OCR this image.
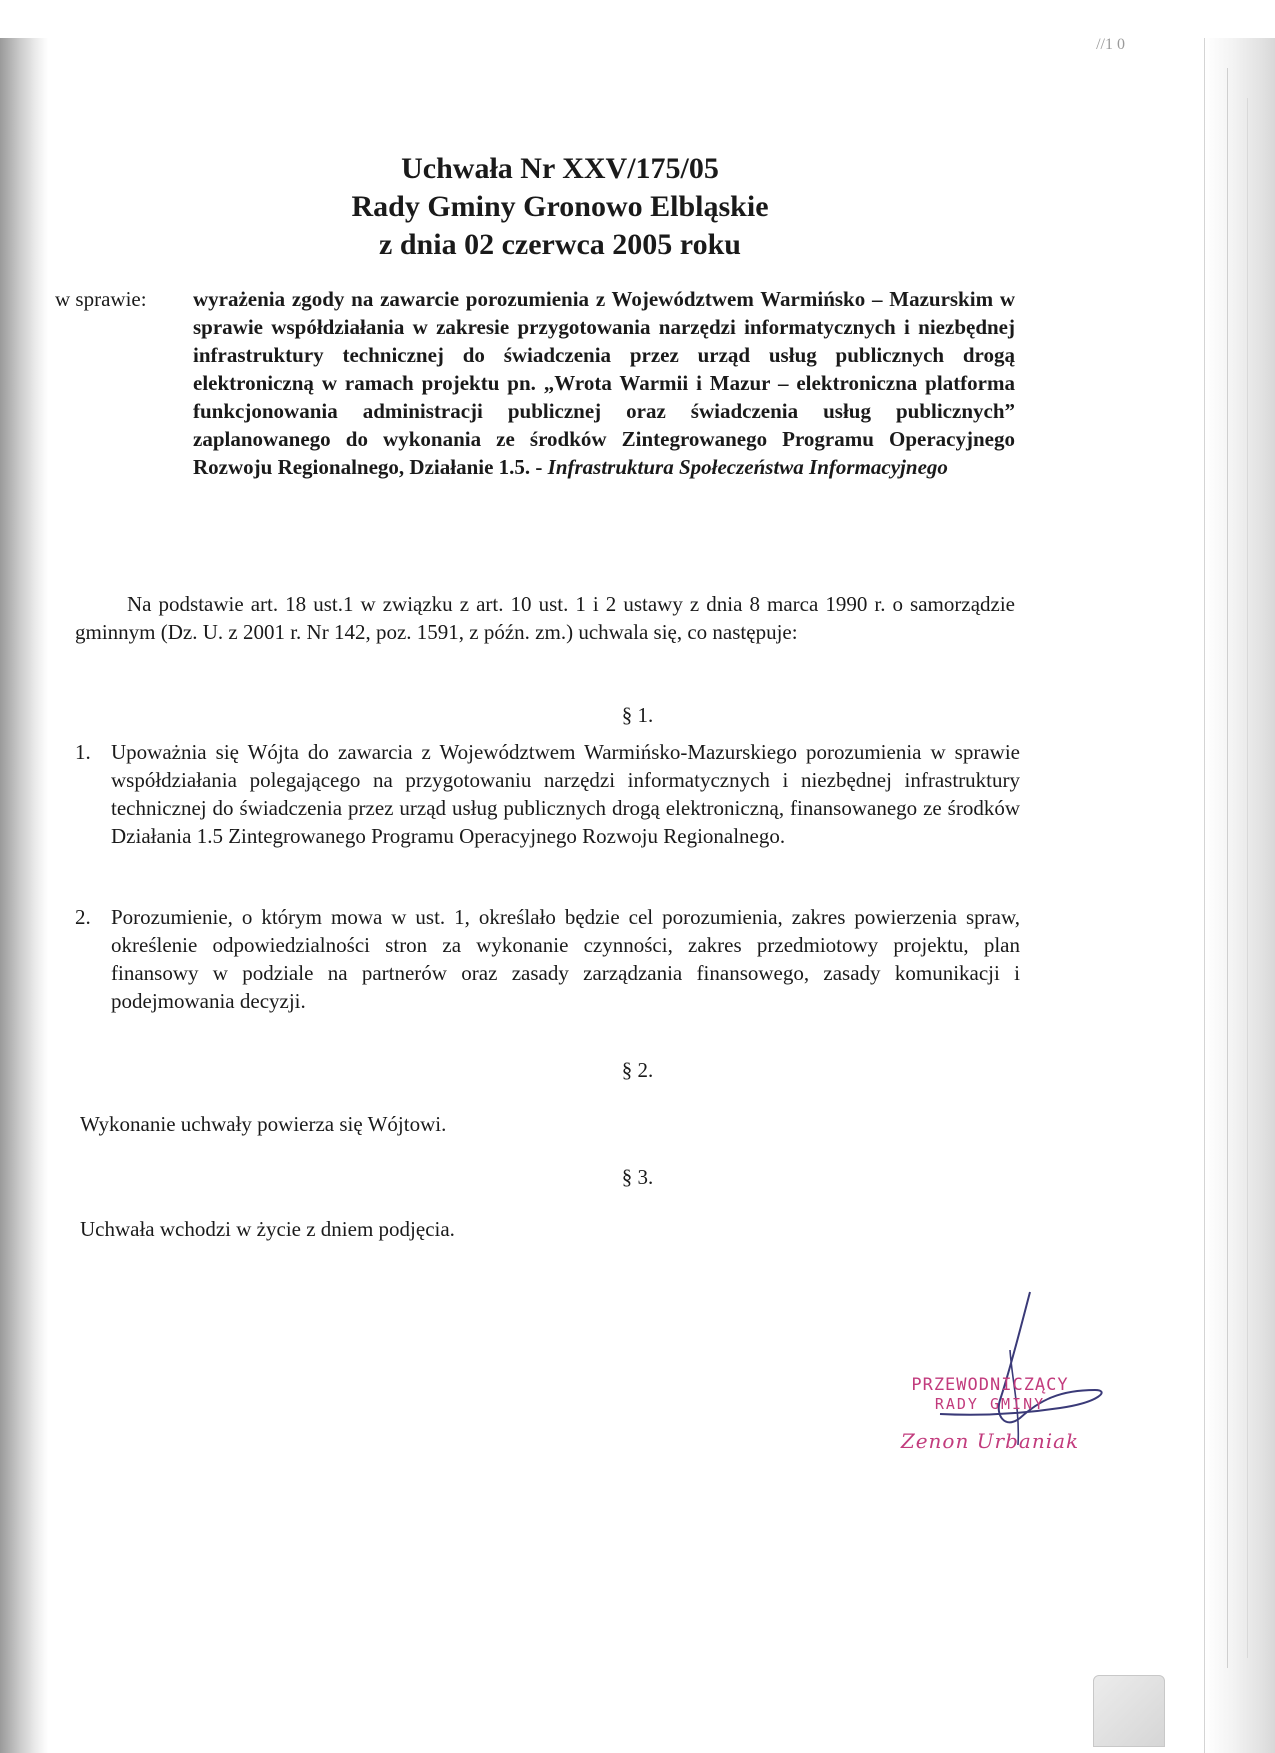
//1 0
Uchwała Nr XXV/175/05
Rady Gminy Gronowo Elbląskie
z dnia 02 czerwca 2005 roku
w sprawie:	wyrażenia zgody na zawarcie porozumienia z Województwem Warmińsko – Mazurskim w sprawie współdziałania w zakresie przygotowania narzędzi informatycznych i niezbędnej infrastruktury technicznej do świadczenia przez urząd usług publicznych drogą elektroniczną w ramach projektu pn. „Wrota Warmii i Mazur – elektroniczna platforma funkcjonowania administracji publicznej oraz świadczenia usług publicznych” zaplanowanego do wykonania ze środków Zintegrowanego Programu Operacyjnego Rozwoju Regionalnego, Działanie 1.5. - Infrastruktura Społeczeństwa Informacyjnego
Na podstawie art. 18 ust.1 w związku z art. 10 ust. 1 i 2 ustawy z dnia 8 marca 1990 r. o samorządzie gminnym (Dz. U. z 2001 r. Nr 142, poz. 1591, z późn. zm.) uchwala się, co następuje:
§ 1.
1. Upoważnia się Wójta do zawarcia z Województwem Warmińsko-Mazurskiego porozumienia w sprawie współdziałania polegającego na przygotowaniu narzędzi informatycznych i niezbędnej infrastruktury technicznej do świadczenia przez urząd usług publicznych drogą elektroniczną, finansowanego ze środków Działania 1.5 Zintegrowanego Programu Operacyjnego Rozwoju Regionalnego.
2. Porozumienie, o którym mowa w ust. 1, określało będzie cel porozumienia, zakres powierzenia spraw, określenie odpowiedzialności stron za wykonanie czynności, zakres przedmiotowy projektu, plan finansowy w podziale na partnerów oraz zasady zarządzania finansowego, zasady komunikacji i podejmowania decyzji.
§ 2.
Wykonanie uchwały powierza się Wójtowi.
§ 3.
Uchwała wchodzi w życie z dniem podjęcia.
PRZEWODNICZĄCY
RADY GMINY
Zenon Urbaniak
